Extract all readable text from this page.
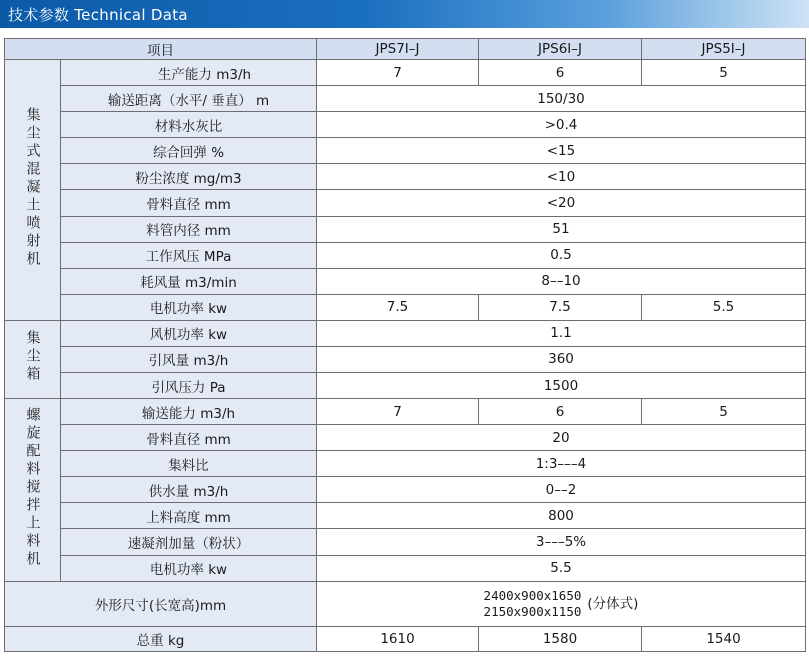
技术参数 Technical Data
项目		JPS7I–J	JPS6I–J	JPS5I–J
集尘式混凝土喷射机	生产能力 m3/h	7	6	5
	输送距离（水平/ 垂直） m	150/30		
	材料水灰比	>0.4		
	综合回弹 %	<15		
	粉尘浓度 mg/m3	<10		
	骨料直径 mm	<20		
	料管内径 mm	51		
	工作风压 MPa	0.5		
	耗风量 m3/min	8––10		
	电机功率 kw	7.5	7.5	5.5
集尘箱	风机功率 kw	1.1		
	引风量 m3/h	360		
	引风压力 Pa	1500		
螺旋配料搅拌上料机	输送能力 m3/h	7	6	5
	骨料直径 mm	20		
	集料比	1:3–––4		
	供水量 m3/h	0––2		
	上料高度 mm	800		
	速凝剂加量（粉状）	3–––5%		
	电机功率 kw	5.5		
外形尺寸(长宽高)mm		2400x900x1650
2150x900x1150 (分体式)		

总重 kg		1610	1580	1540
